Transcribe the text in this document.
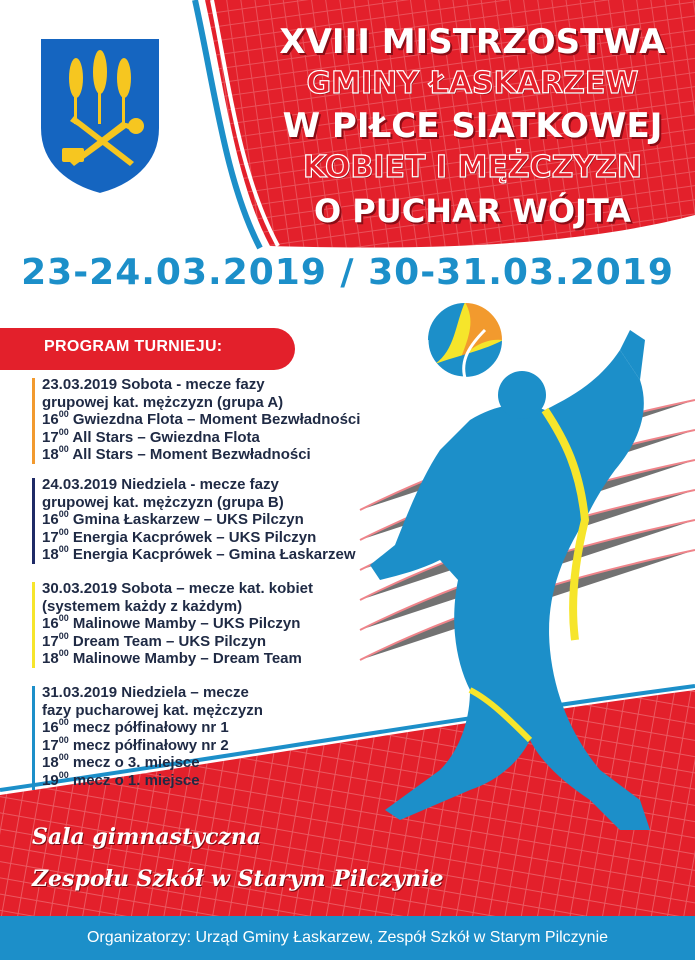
XVIII MISTRZOSTWA
GMINY ŁASKARZEW
W PIŁCE SIATKOWEJ
KOBIET I MĘŻCZYZN
O PUCHAR WÓJTA
23-24.03.2019 / 30-31.03.2019
PROGRAM TURNIEJU:
23.03.2019 Sobota - mecze fazy
grupowej kat. mężczyzn (grupa A)
$16^{00}$ Gwiezdna Flota – Moment Bezwładności
$17^{00}$ All Stars – Gwiezdna Flota
$18^{00}$ All Stars – Moment Bezwładności
24.03.2019 Niedziela - mecze fazy
grupowej kat. mężczyzn (grupa B)
$16^{00}$ Gmina Łaskarzew – UKS Pilczyn
$17^{00}$ Energia Kacprówek – UKS Pilczyn
$18^{00}$ Energia Kacprówek – Gmina Łaskarzew
30.03.2019 Sobota – mecze kat. kobiet
(systemem każdy z każdym)
$16^{00}$ Malinowe Mamby – UKS Pilczyn
$17^{00}$ Dream Team – UKS Pilczyn
$18^{00}$ Malinowe Mamby – Dream Team
31.03.2019 Niedziela – mecze
fazy pucharowej kat. mężczyzn
$16^{00}$ mecz półfinałowy nr 1
$17^{00}$ mecz półfinałowy nr 2
$18^{00}$ mecz o 3. miejsce
$19^{00}$ mecz o 1. miejsce
Sala gimnastyczna
Zespołu Szkół w Starym Pilczynie
Organizatorzy: Urząd Gminy Łaskarzew, Zespół Szkół w Starym Pilczynie
